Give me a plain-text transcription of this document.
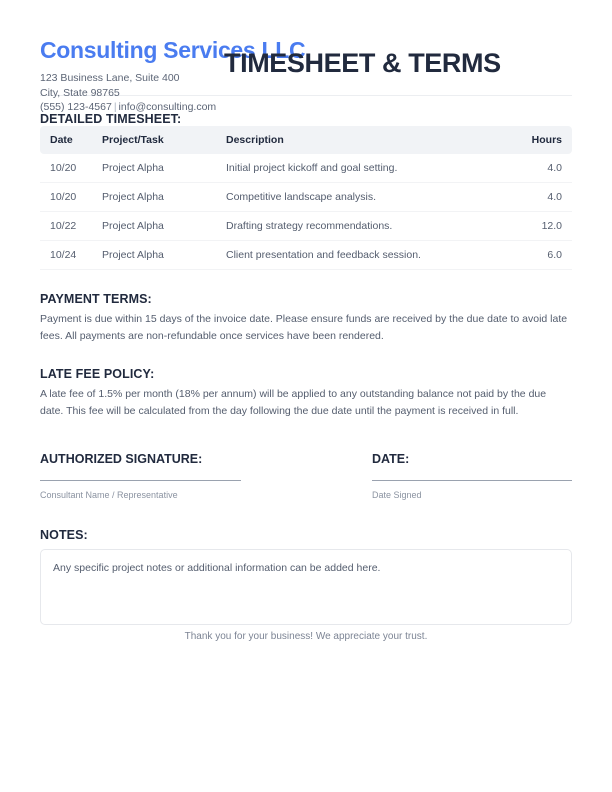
Consulting Services LLC
123 Business Lane, Suite 400
City, State 98765
(555) 123-4567 | info@consulting.com
TIMESHEET & TERMS
DETAILED TIMESHEET:
Date	Project/Task	Description	Hours
10/20	Project Alpha	Initial project kickoff and goal setting.	4.0
10/20	Project Alpha	Competitive landscape analysis.	4.0
10/22	Project Alpha	Drafting strategy recommendations.	12.0
10/24	Project Alpha	Client presentation and feedback session.	6.0
PAYMENT TERMS:
Payment is due within 15 days of the invoice date. Please ensure funds are received by the due date to avoid late fees. All payments are non-refundable once services have been rendered.
LATE FEE POLICY:
A late fee of 1.5% per month (18% per annum) will be applied to any outstanding balance not paid by the due date. This fee will be calculated from the day following the due date until the payment is received in full.
AUTHORIZED SIGNATURE:
Consultant Name / Representative
DATE:
Date Signed
NOTES:
Any specific project notes or additional information can be added here.
Thank you for your business! We appreciate your trust.
